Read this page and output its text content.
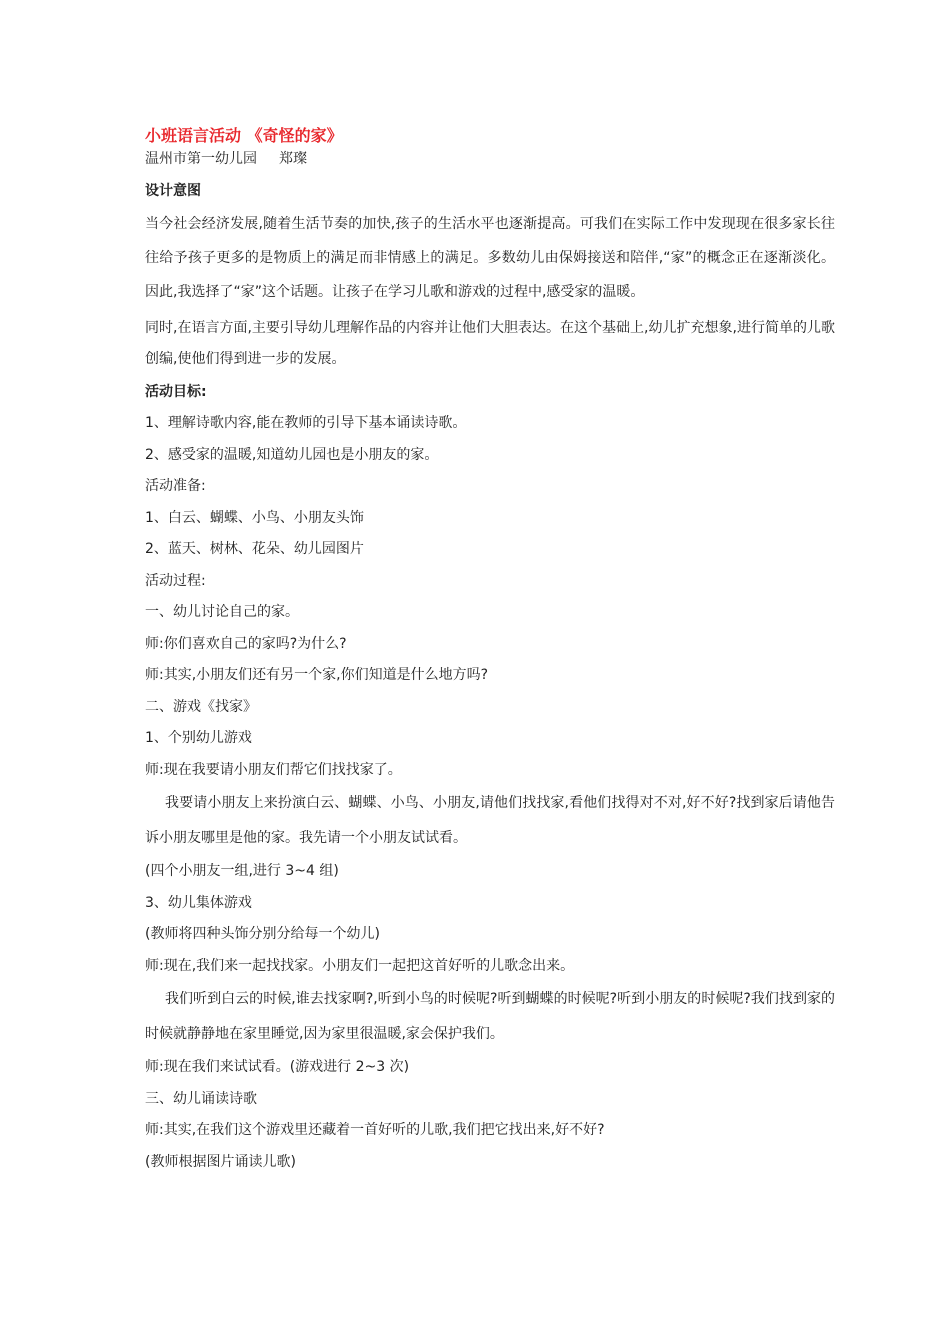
小班语言活动 《奇怪的家》

温州市第一幼儿园 郑璨

设计意图

当今社会经济发展,随着生活节奏的加快,孩子的生活水平也逐渐提高。可我们在实际工作中发现现在很多家长往往给予孩子更多的是物质上的满足而非情感上的满足。多数幼儿由保姆接送和陪伴,“家”的概念正在逐渐淡化。因此,我选择了“家”这个话题。让孩子在学习儿歌和游戏的过程中,感受家的温暖。

同时,在语言方面,主要引导幼儿理解作品的内容并让他们大胆表达。在这个基础上,幼儿扩充想象,进行简单的儿歌创编,使他们得到进一步的发展。

活动目标:

1、理解诗歌内容,能在教师的引导下基本诵读诗歌。

2、感受家的温暖,知道幼儿园也是小朋友的家。

活动准备:

1、白云、蝴蝶、小鸟、小朋友头饰

2、蓝天、树林、花朵、幼儿园图片

活动过程:

一、幼儿讨论自己的家。

师:你们喜欢自己的家吗?为什么?

师:其实,小朋友们还有另一个家,你们知道是什么地方吗?

二、游戏《找家》

1、个别幼儿游戏

师:现在我要请小朋友们帮它们找找家了。

我要请小朋友上来扮演白云、蝴蝶、小鸟、小朋友,请他们找找家,看他们找得对不对,好不好?找到家后请他告诉小朋友哪里是他的家。我先请一个小朋友试试看。

(四个小朋友一组,进行 3~4 组)

3、幼儿集体游戏

(教师将四种头饰分别分给每一个幼儿)

师:现在,我们来一起找找家。小朋友们一起把这首好听的儿歌念出来。

我们听到白云的时候,谁去找家啊?,听到小鸟的时候呢?听到蝴蝶的时候呢?听到小朋友的时候呢?我们找到家的时候就静静地在家里睡觉,因为家里很温暖,家会保护我们。

师:现在我们来试试看。(游戏进行 2~3 次)

三、幼儿诵读诗歌

师:其实,在我们这个游戏里还藏着一首好听的儿歌,我们把它找出来,好不好?

(教师根据图片诵读儿歌)
